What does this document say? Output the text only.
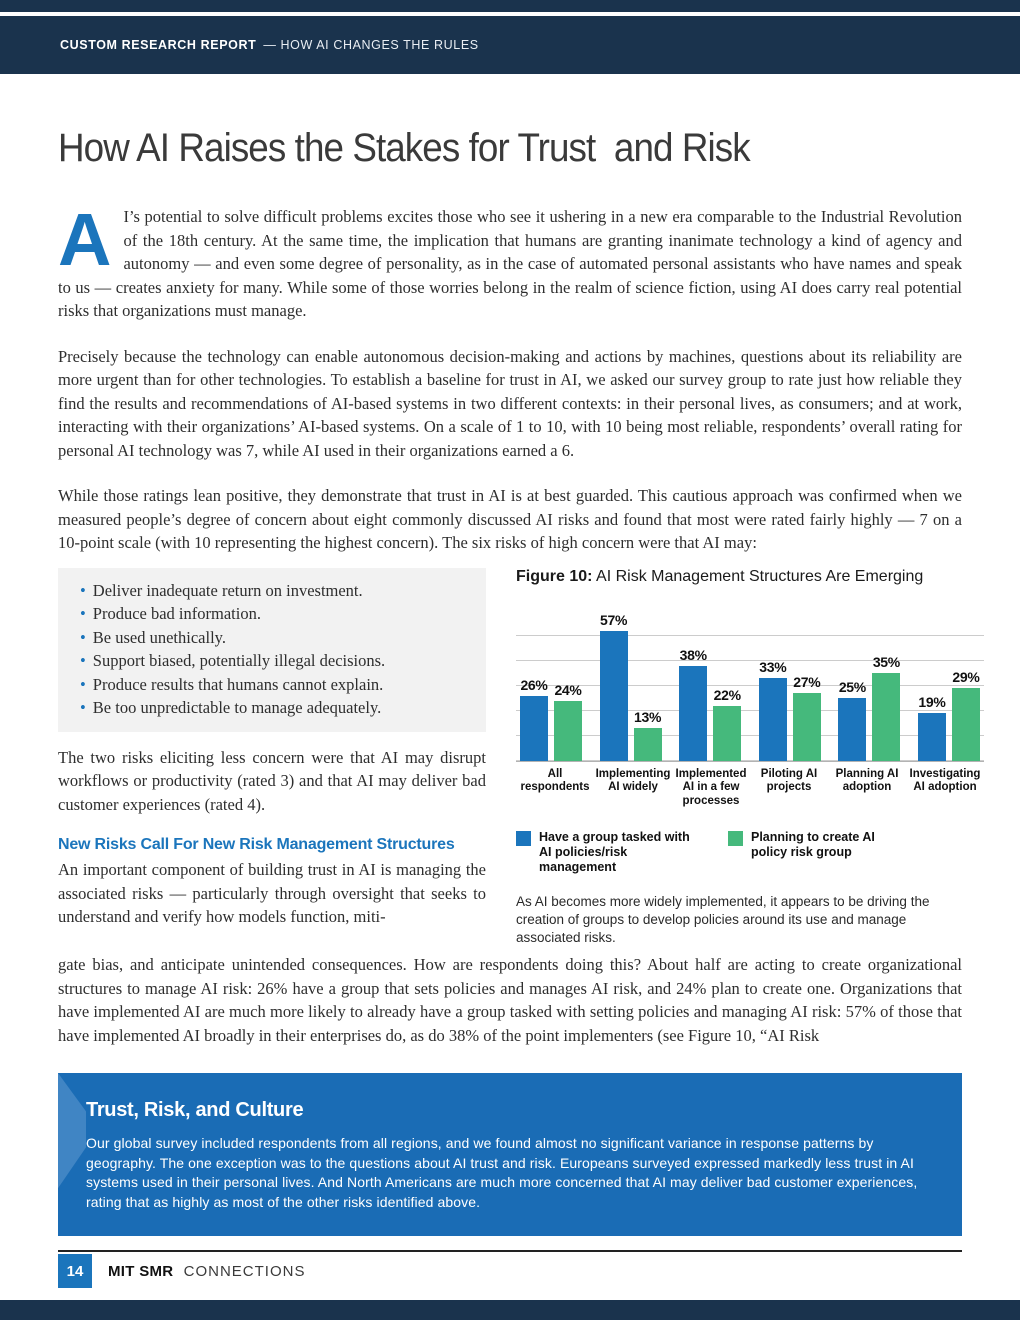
CUSTOM RESEARCH REPORT — HOW AI CHANGES THE RULES
How AI Raises the Stakes for Trust  and Risk

A I’s potential to solve difficult problems excites those who see it ushering in a new era comparable to the Industrial Revolution of the 18th century. At the same time, the implication that humans are granting inanimate technology a kind of agency and autonomy — and even some degree of personality, as in the case of automated personal assistants who have names and speak to us — creates anxiety for many. While some of those worries belong in the realm of science fiction, using AI does carry real potential risks that organizations must manage.

Precisely because the technology can enable autonomous decision-making and actions by machines, questions about its reliability are more urgent than for other technologies. To establish a baseline for trust in AI, we asked our survey group to rate just how reliable they find the results and recommendations of AI-based systems in two different contexts: in their personal lives, as consumers; and at work, interacting with their organizations’ AI-based systems. On a scale of 1 to 10, with 10 being most reliable, respondents’ overall rating for personal AI technology was 7, while AI used in their organizations earned a 6.

While those ratings lean positive, they demonstrate that trust in AI is at best guarded. This cautious approach was confirmed when we measured people’s degree of concern about eight commonly discussed AI risks and found that most were rated fairly highly — 7 on a 10-point scale (with 10 representing the highest concern). The six risks of high concern were that AI may:

• Deliver inadequate return on investment.
• Produce bad information.
• Be used unethically.
• Support biased, potentially illegal decisions.
• Produce results that humans cannot explain.
• Be too unpredictable to manage adequately.

The two risks eliciting less concern were that AI may disrupt workflows or productivity (rated 3) and that AI may deliver bad customer experiences (rated 4).

New Risks Call For New Risk Management Structures

An important component of building trust in AI is managing the associated risks — particularly through oversight that seeks to understand and verify how models function, miti-

Figure 10: AI Risk Management Structures Are Emerging
26% 24%
57%
13%
38%
22%
33%
27% 25%
35%
19%
29%
All respondents
Implementing AI widely
Implemented AI in a few processes
Piloting AI projects
Planning AI adoption
Investigating AI adoption
Have a group tasked with AI policies/risk management
Planning to create AI policy risk group

As AI becomes more widely implemented, it appears to be driving the creation of groups to develop policies around its use and manage associated risks.

gate bias, and anticipate unintended consequences. How are respondents doing this? About half are acting to create organizational structures to manage AI risk: 26% have a group that sets policies and manages AI risk, and 24% plan to create one. Organizations that have implemented AI are much more likely to already have a group tasked with setting policies and managing AI risk: 57% of those that have implemented AI broadly in their enterprises do, as do 38% of the point implementers (see Figure 10, “AI Risk

Trust, Risk, and Culture

Our global survey included respondents from all regions, and we found almost no significant variance in response patterns by geography. The one exception was to the questions about AI trust and risk. Europeans surveyed expressed markedly less trust in AI systems used in their personal lives. And North Americans are much more concerned that AI may deliver bad customer experiences, rating that as highly as most of the other risks identified above.

14	MIT SMR CONNECTIONS
